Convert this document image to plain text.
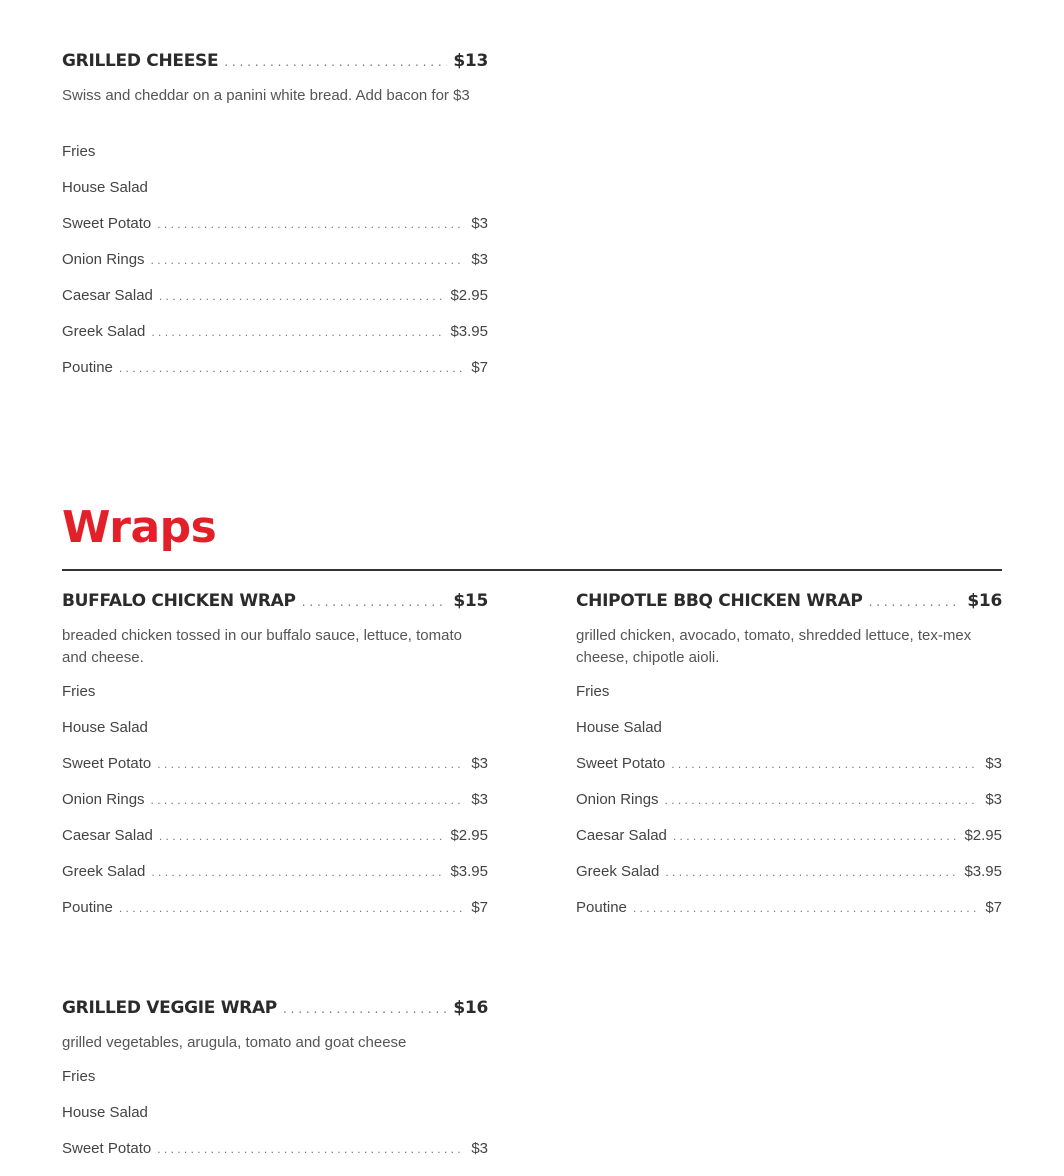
GRILLED CHEESE . . .	$13
Swiss and cheddar on a panini white bread. Add bacon for $3
Fries
House Salad
Sweet Potato . . .	$3
Onion Rings . . .	$3
Caesar Salad . . .	$2.95
Greek Salad . . .	$3.95
Poutine . . .	$7
Wraps
BUFFALO CHICKEN WRAP . . .	$15
breaded chicken tossed in our buffalo sauce, lettuce, tomato and cheese.
Fries
House Salad
Sweet Potato . . .	$3
Onion Rings . . .	$3
Caesar Salad . . .	$2.95
Greek Salad . . .	$3.95
Poutine . . .	$7
CHIPOTLE BBQ CHICKEN WRAP . . .	$16
grilled chicken, avocado, tomato, shredded lettuce, tex-mex cheese, chipotle aioli.
Fries
House Salad
Sweet Potato . . .	$3
Onion Rings . . .	$3
Caesar Salad . . .	$2.95
Greek Salad . . .	$3.95
Poutine . . .	$7
GRILLED VEGGIE WRAP . . .	$16
grilled vegetables, arugula, tomato and goat cheese
Fries
House Salad
Sweet Potato . . .	$3
